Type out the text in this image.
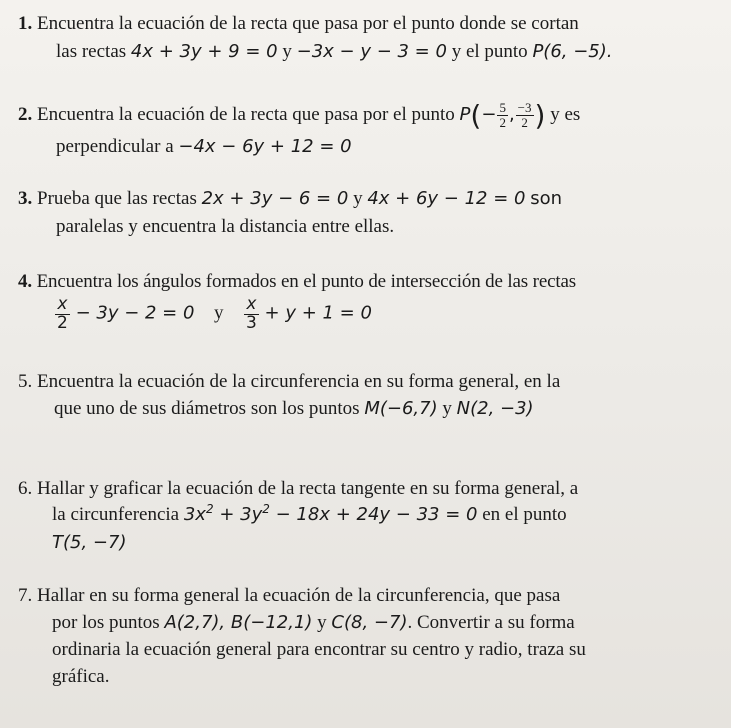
1. Encuentra la ecuación de la recta que pasa por el punto donde se cortan
las rectas 4x + 3y + 9 = 0 y −3x − y − 3 = 0 y el punto P(6, −5).
2. Encuentra la ecuación de la recta que pasa por el punto $P(- \frac{5}{2}$ , $\frac{-3}{2}$ ) y es
perpendicular a −4x − 6y + 12 = 0
3. Prueba que las rectas 2x + 3y − 6 = 0 y 4x + 6y − 12 = 0 son
paralelas y encuentra la distancia entre ellas.
4. Encuentra los ángulos formados en el punto de intersección de las rectas
$\frac{x}{2} - 3y - 2 = 0$ y $\frac{x}{3} + y + 1 = 0$
5. Encuentra la ecuación de la circunferencia en su forma general, en la
que uno de sus diámetros son los puntos M(−6,7) y N(2, −3)
6. Hallar y graficar la ecuación de la recta tangente en su forma general, a
la circunferencia $3x^2 + 3y^2 - 18x + 24y - 33 = 0$ en el punto
T(5, −7)
7. Hallar en su forma general la ecuación de la circunferencia, que pasa
por los puntos A(2,7), B(−12,1) y C(8, −7). Convertir a su forma
ordinaria la ecuación general para encontrar su centro y radio, traza su
gráfica.
